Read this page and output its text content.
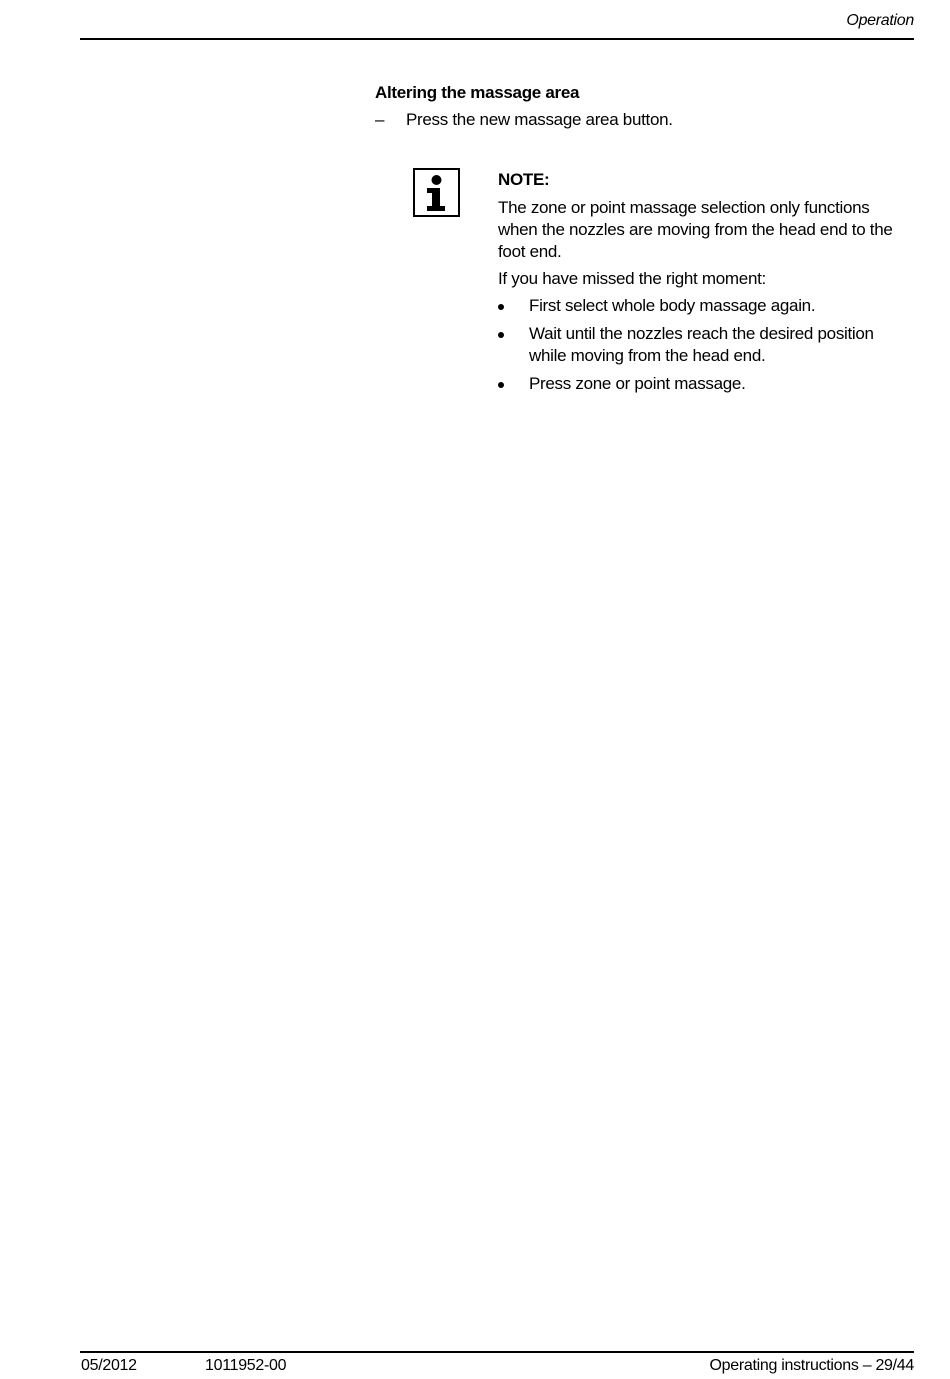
Operation
Altering the massage area
– Press the new massage area button.
NOTE:

The zone or point massage selection only functions when the nozzles are moving from the head end to the foot end.

If you have missed the right moment:

First select whole body massage again.
Wait until the nozzles reach the desired position while moving from the head end.
Press zone or point massage.
05/2012	1011952-00	Operating instructions – 29/44
